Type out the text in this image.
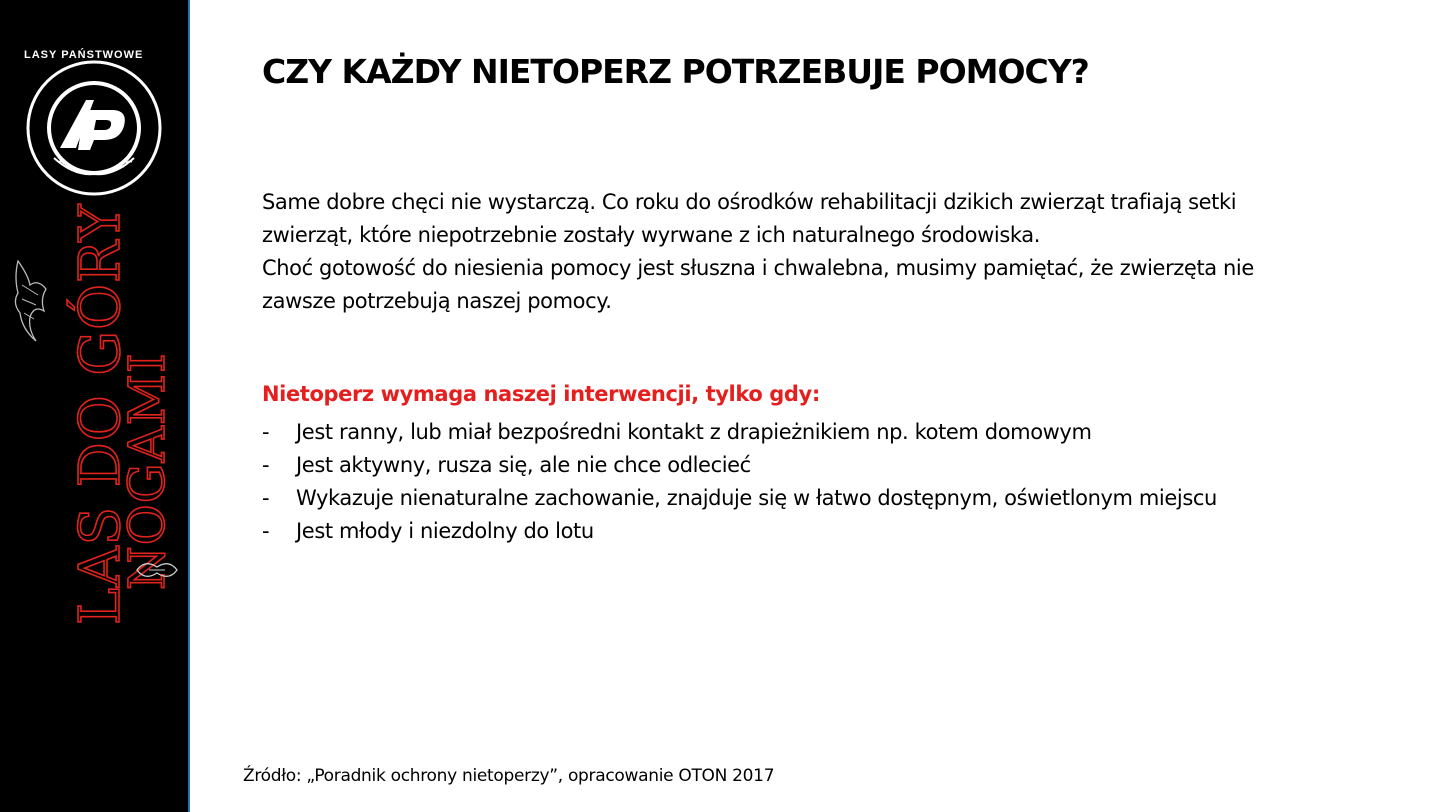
LASY PAŃSTWOWE
LAS DO GÓRY
NOGAMI
CZY KAŻDY NIETOPERZ POTRZEBUJE POMOCY?

Same dobre chęci nie wystarczą. Co roku do ośrodków rehabilitacji dzikich zwierząt trafiają setki zwierząt, które niepotrzebnie zostały wyrwane z ich naturalnego środowiska.

Choć gotowość do niesienia pomocy jest słuszna i chwalebna, musimy pamiętać, że zwierzęta nie zawsze potrzebują naszej pomocy.

Nietoperz wymaga naszej interwencji, tylko gdy:
- Jest ranny, lub miał bezpośredni kontakt z drapieżnikiem np. kotem domowym
- Jest aktywny, rusza się, ale nie chce odlecieć
- Wykazuje nienaturalne zachowanie, znajduje się w łatwo dostępnym, oświetlonym miejscu
- Jest młody i niezdolny do lotu
Źródło: „Poradnik ochrony nietoperzy”, opracowanie OTON 2017
